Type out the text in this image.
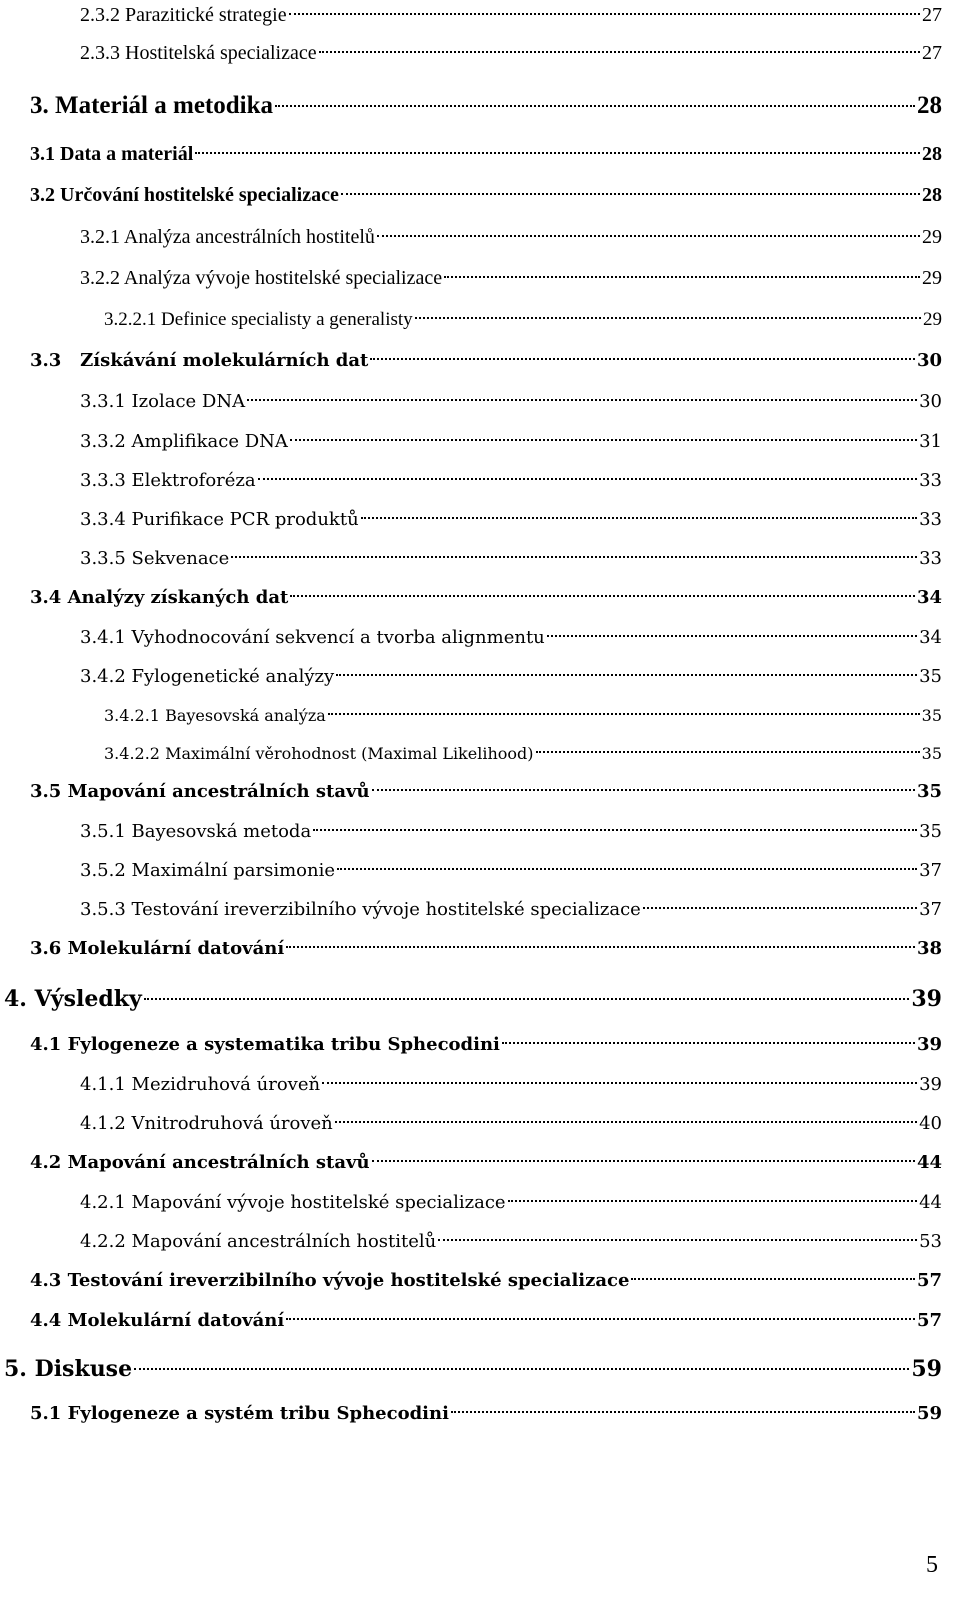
2.3.2 Parazitické strategie	27
2.3.3 Hostitelská specializace	27
3. Materiál a metodika	28
3.1 Data a materiál	28
3.2 Určování hostitelské specializace	28
3.2.1 Analýza ancestrálních hostitelů	29
3.2.2 Analýza vývoje hostitelské specializace	29
3.2.2.1 Definice specialisty a generalisty	29
3.3   Získávání molekulárních dat	30
3.3.1 Izolace DNA	30
3.3.2 Amplifikace DNA	31
3.3.3 Elektroforéza	33
3.3.4 Purifikace PCR produktů	33
3.3.5 Sekvenace	33
3.4 Analýzy získaných dat	34
3.4.1 Vyhodnocování sekvencí a tvorba alignmentu	34
3.4.2 Fylogenetické analýzy	35
3.4.2.1 Bayesovská analýza	35
3.4.2.2 Maximální věrohodnost (Maximal Likelihood)	35
3.5 Mapování ancestrálních stavů	35
3.5.1 Bayesovská metoda	35
3.5.2 Maximální parsimonie	37
3.5.3 Testování ireverzibilního vývoje hostitelské specializace	37
3.6 Molekulární datování	38
4. Výsledky	39
4.1 Fylogeneze a systematika tribu Sphecodini	39
4.1.1 Mezidruhová úroveň	39
4.1.2 Vnitrodruhová úroveň	40
4.2 Mapování ancestrálních stavů	44
4.2.1 Mapování vývoje hostitelské specializace	44
4.2.2 Mapování ancestrálních hostitelů	53
4.3 Testování ireverzibilního vývoje hostitelské specializace	57
4.4 Molekulární datování	57
5. Diskuse	59
5.1 Fylogeneze a systém tribu Sphecodini	59
5
